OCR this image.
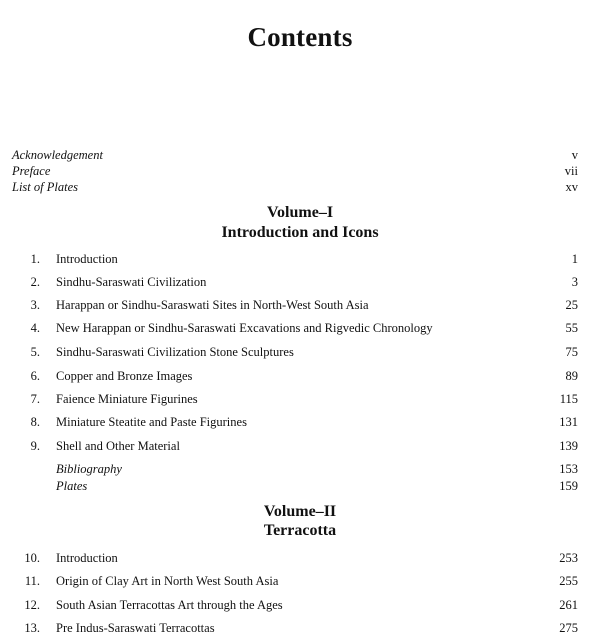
Contents
Acknowledgement	v
Preface	vii
List of Plates	xv
Volume–I
Introduction and Icons
1. Introduction	1
2. Sindhu-Saraswati Civilization	3
3. Harappan or Sindhu-Saraswati Sites in North-West South Asia	25
4. New Harappan or Sindhu-Saraswati Excavations and Rigvedic Chronology	55
5. Sindhu-Saraswati Civilization Stone Sculptures	75
6. Copper and Bronze Images	89
7. Faience Miniature Figurines	115
8. Miniature Steatite and Paste Figurines	131
9. Shell and Other Material	139
Bibliography	153
Plates	159
Volume–II
Terracotta
10. Introduction	253
11. Origin of Clay Art in North West South Asia	255
12. South Asian Terracottas Art through the Ages	261
13. Pre Indus-Saraswati Terracottas	275
